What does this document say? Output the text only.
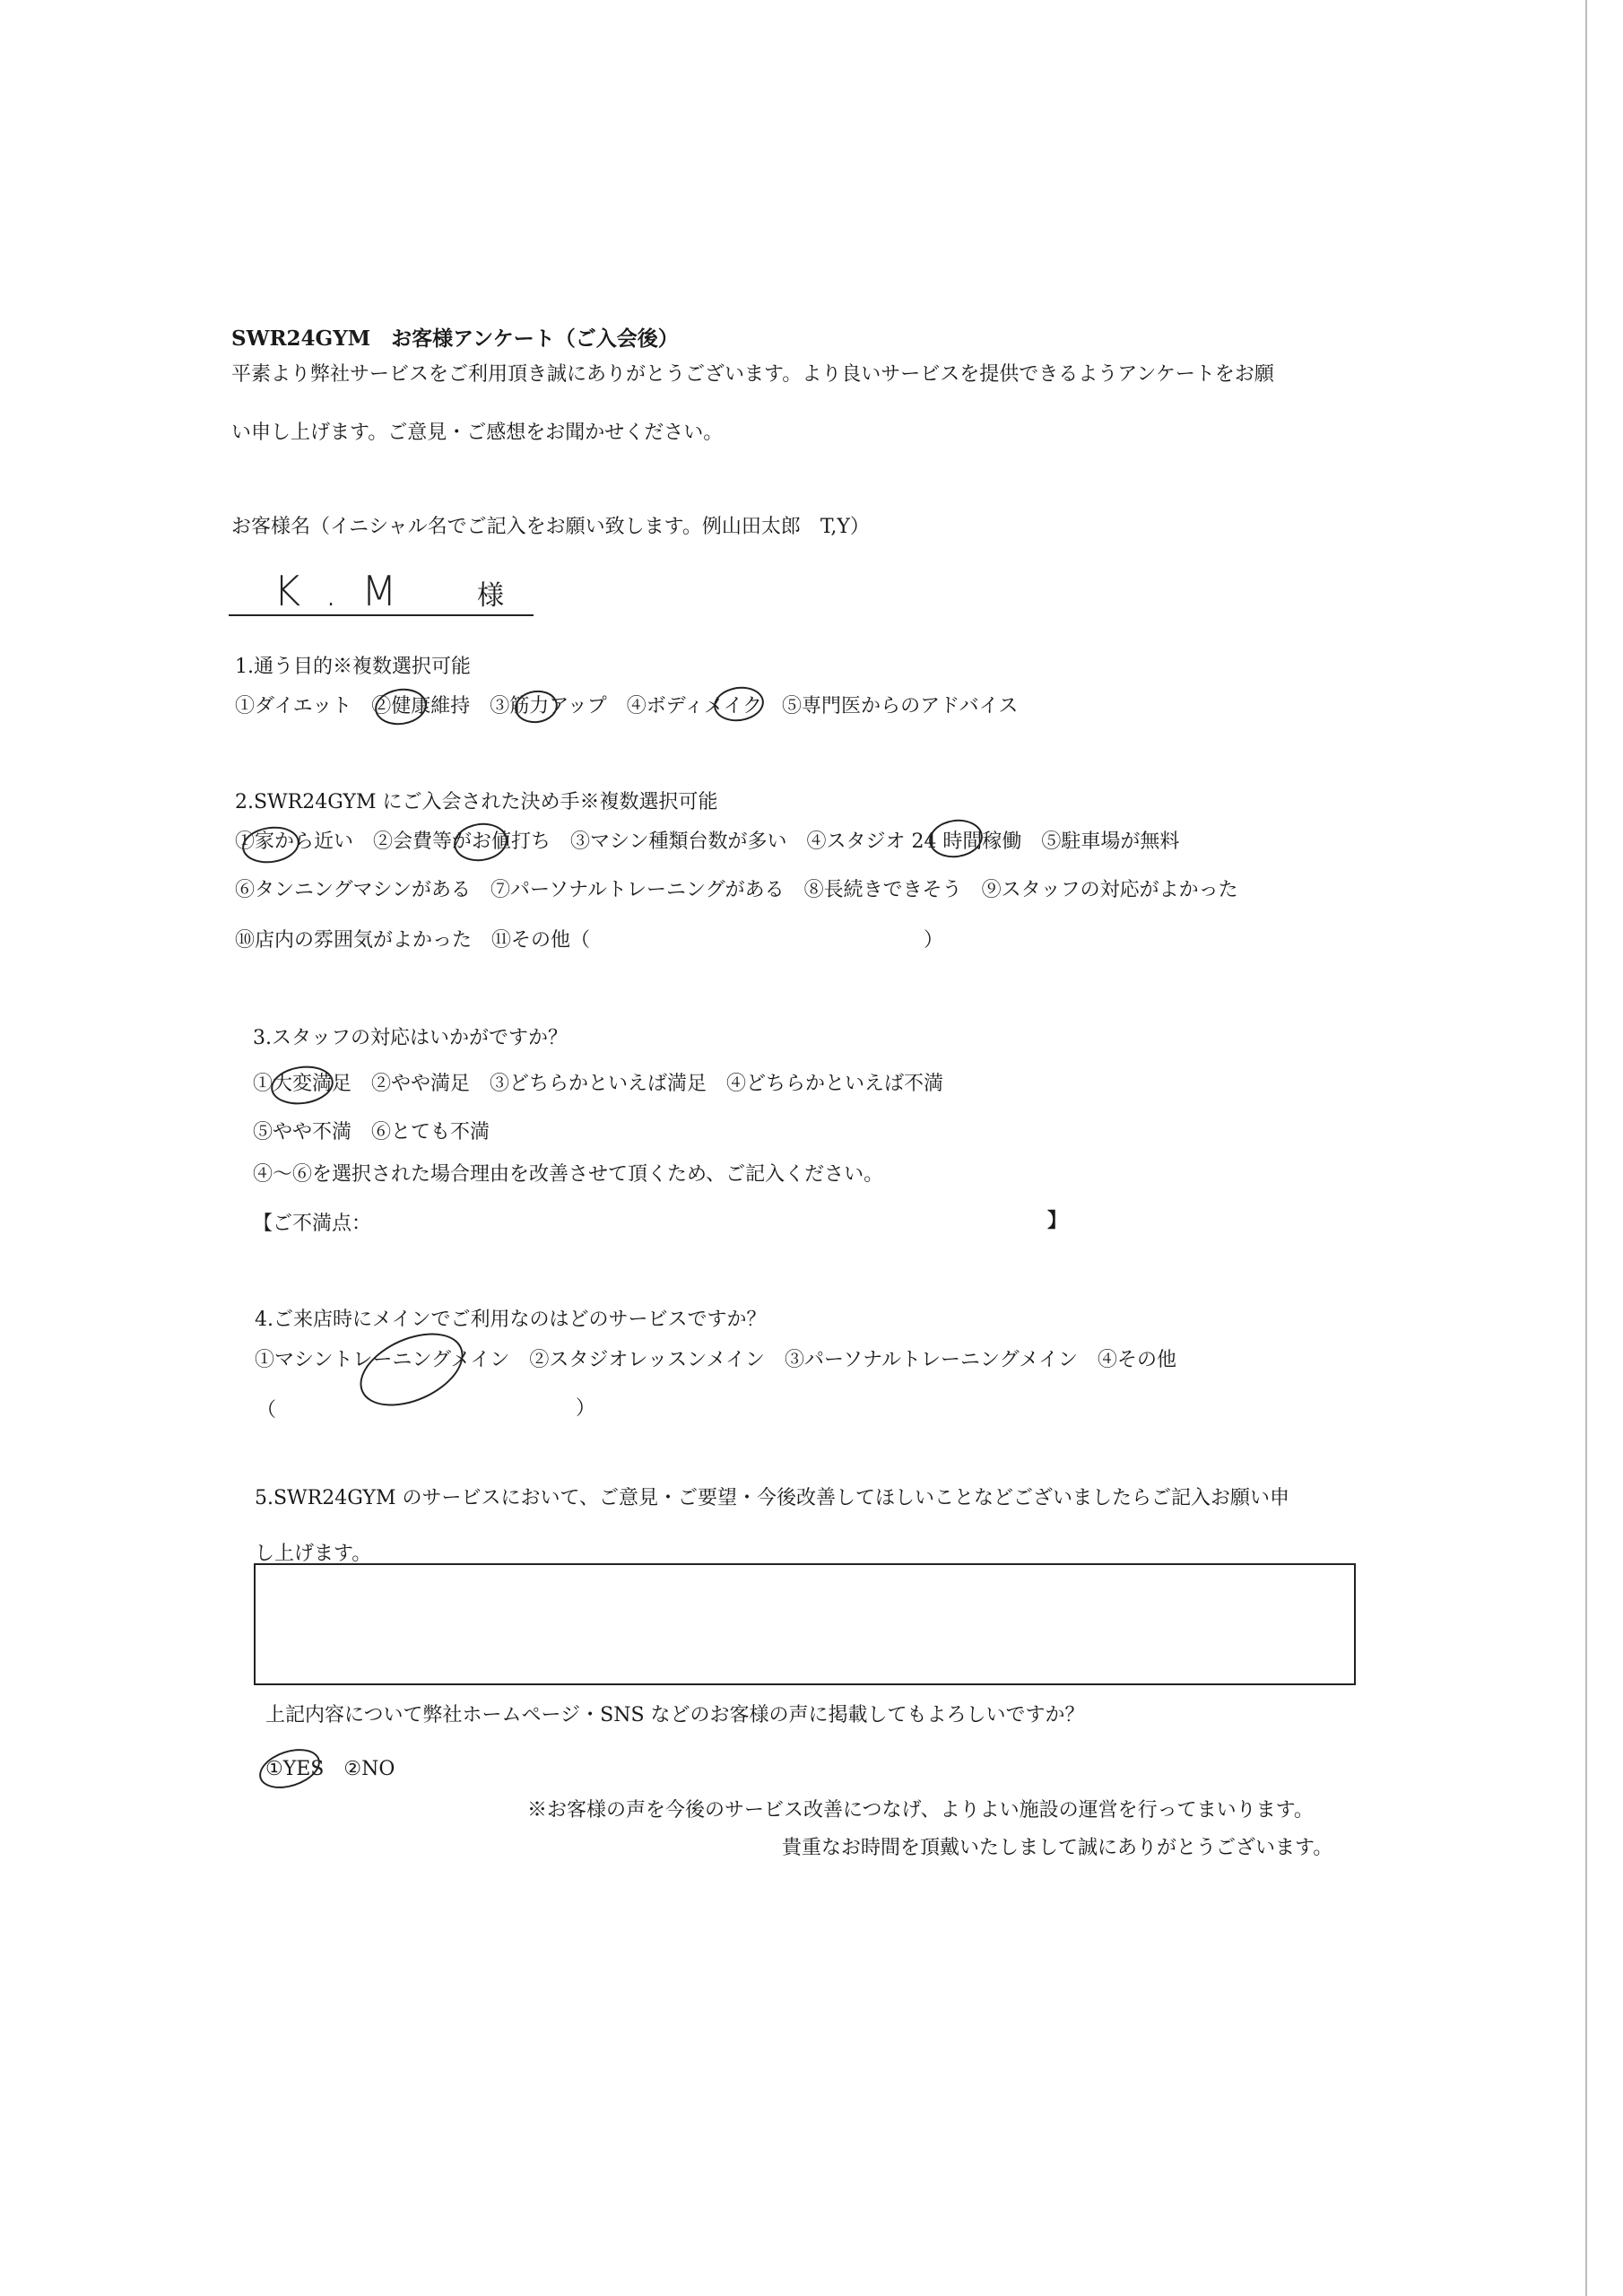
SWR24GYM　お客様アンケート（ご入会後）
平素より弊社サービスをご利用頂き誠にありがとうございます。より良いサービスを提供できるようアンケートをお願
い申し上げます。ご意見・ご感想をお聞かせください。
お客様名（イニシャル名でご記入をお願い致します。例山田太郎　T,Y）
K . M	様
1.通う目的※複数選択可能
①ダイエット　②健康維持　③筋力アップ　④ボディメイク　⑤専門医からのアドバイス
2.SWR24GYM にご入会された決め手※複数選択可能
①家から近い　②会費等がお値打ち　③マシン種類台数が多い　④スタジオ 24 時間稼働　⑤駐車場が無料
⑥タンニングマシンがある　⑦パーソナルトレーニングがある　⑧長続きできそう　⑨スタッフの対応がよかった
⑩店内の雰囲気がよかった　⑪その他（	）
3.スタッフの対応はいかがですか？
①大変満足　②やや満足　③どちらかといえば満足　④どちらかといえば不満
⑤やや不満　⑥とても不満
④～⑥を選択された場合理由を改善させて頂くため、ご記入ください。
【ご不満点：	】
4.ご来店時にメインでご利用なのはどのサービスですか？
①マシントレーニングメイン　②スタジオレッスンメイン　③パーソナルトレーニングメイン　④その他
（	）
5.SWR24GYM のサービスにおいて、ご意見・ご要望・今後改善してほしいことなどございましたらご記入お願い申
し上げます。
上記内容について弊社ホームページ・SNS などのお客様の声に掲載してもよろしいですか？
①YES　②NO
※お客様の声を今後のサービス改善につなげ、よりよい施設の運営を行ってまいります。
貴重なお時間を頂戴いたしまして誠にありがとうございます。
